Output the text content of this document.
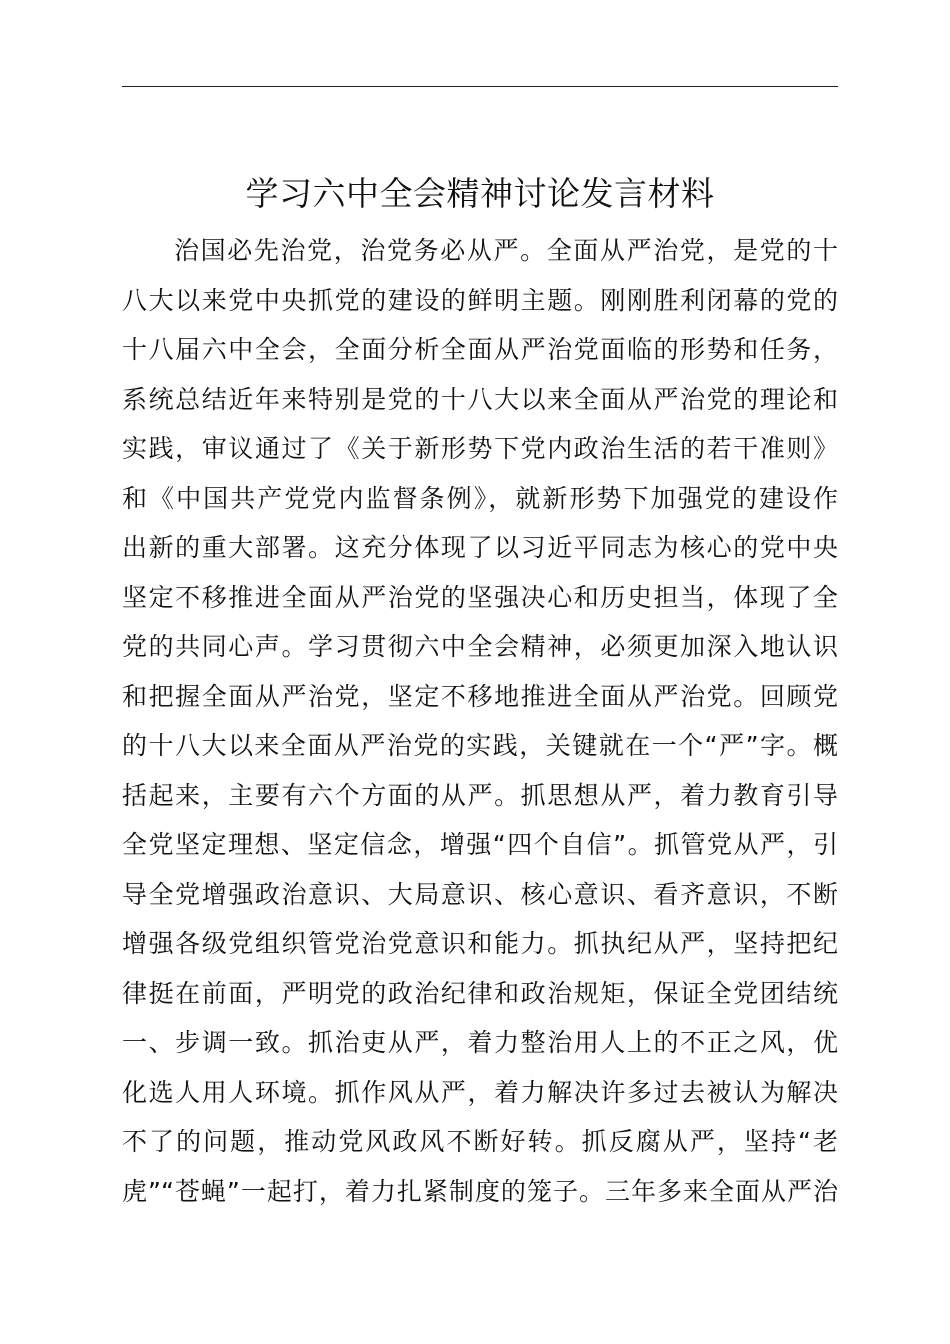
学习六中全会精神讨论发言材料
治国必先治党，治党务必从严。全面从严治党，是党的十
八大以来党中央抓党的建设的鲜明主题。刚刚胜利闭幕的党的
十八届六中全会，全面分析全面从严治党面临的形势和任务，
系统总结近年来特别是党的十八大以来全面从严治党的理论和
实践，审议通过了《关于新形势下党内政治生活的若干准则》
和《中国共产党党内监督条例》，就新形势下加强党的建设作
出新的重大部署。这充分体现了以习近平同志为核心的党中央
坚定不移推进全面从严治党的坚强决心和历史担当，体现了全
党的共同心声。学习贯彻六中全会精神，必须更加深入地认识
和把握全面从严治党，坚定不移地推进全面从严治党。回顾党
的十八大以来全面从严治党的实践，关键就在一个“严”字。概
括起来，主要有六个方面的从严。抓思想从严，着力教育引导
全党坚定理想、坚定信念，增强“四个自信”。抓管党从严，引
导全党增强政治意识、大局意识、核心意识、看齐意识，不断
增强各级党组织管党治党意识和能力。抓执纪从严，坚持把纪
律挺在前面，严明党的政治纪律和政治规矩，保证全党团结统
一、步调一致。抓治吏从严，着力整治用人上的不正之风，优
化选人用人环境。抓作风从严，着力解决许多过去被认为解决
不了的问题，推动党风政风不断好转。抓反腐从严，坚持“老
虎”“苍蝇”一起打，着力扎紧制度的笼子。三年多来全面从严治
